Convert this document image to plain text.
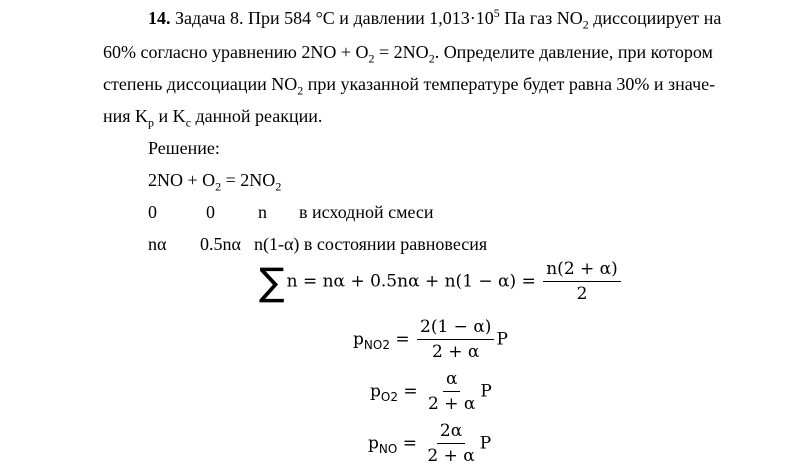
14. Задача 8. При 584 °С и давлении $1,013\cdot 10^5$ Па газ $NO_2$ диссоциирует на
60% согласно уравнению $2NO + O_2 = 2NO_2$. Определите давление, при котором
степень диссоциации $NO_2$ при указанной температуре будет равна 30% и значе-
ния $K_p$ и $K_c$ данной реакции.
Решение:
$2NO + O_2 = 2NO_2$
0	0 n в исходной смеси
nα 0.5nα n(1-α) в состоянии равновесия
∑ $n = n\alpha + 0.5n\alpha + n(1 - \alpha) = \frac{n(2 + \alpha)}{2}$
$p_{NO2} = \frac{2(1 - \alpha)}{2 + \alpha}$ P
$p_{O2} = \frac{\alpha}{2 + \alpha}$ P
$p_{NO} = \frac{2\alpha}{2 + \alpha}$ P
